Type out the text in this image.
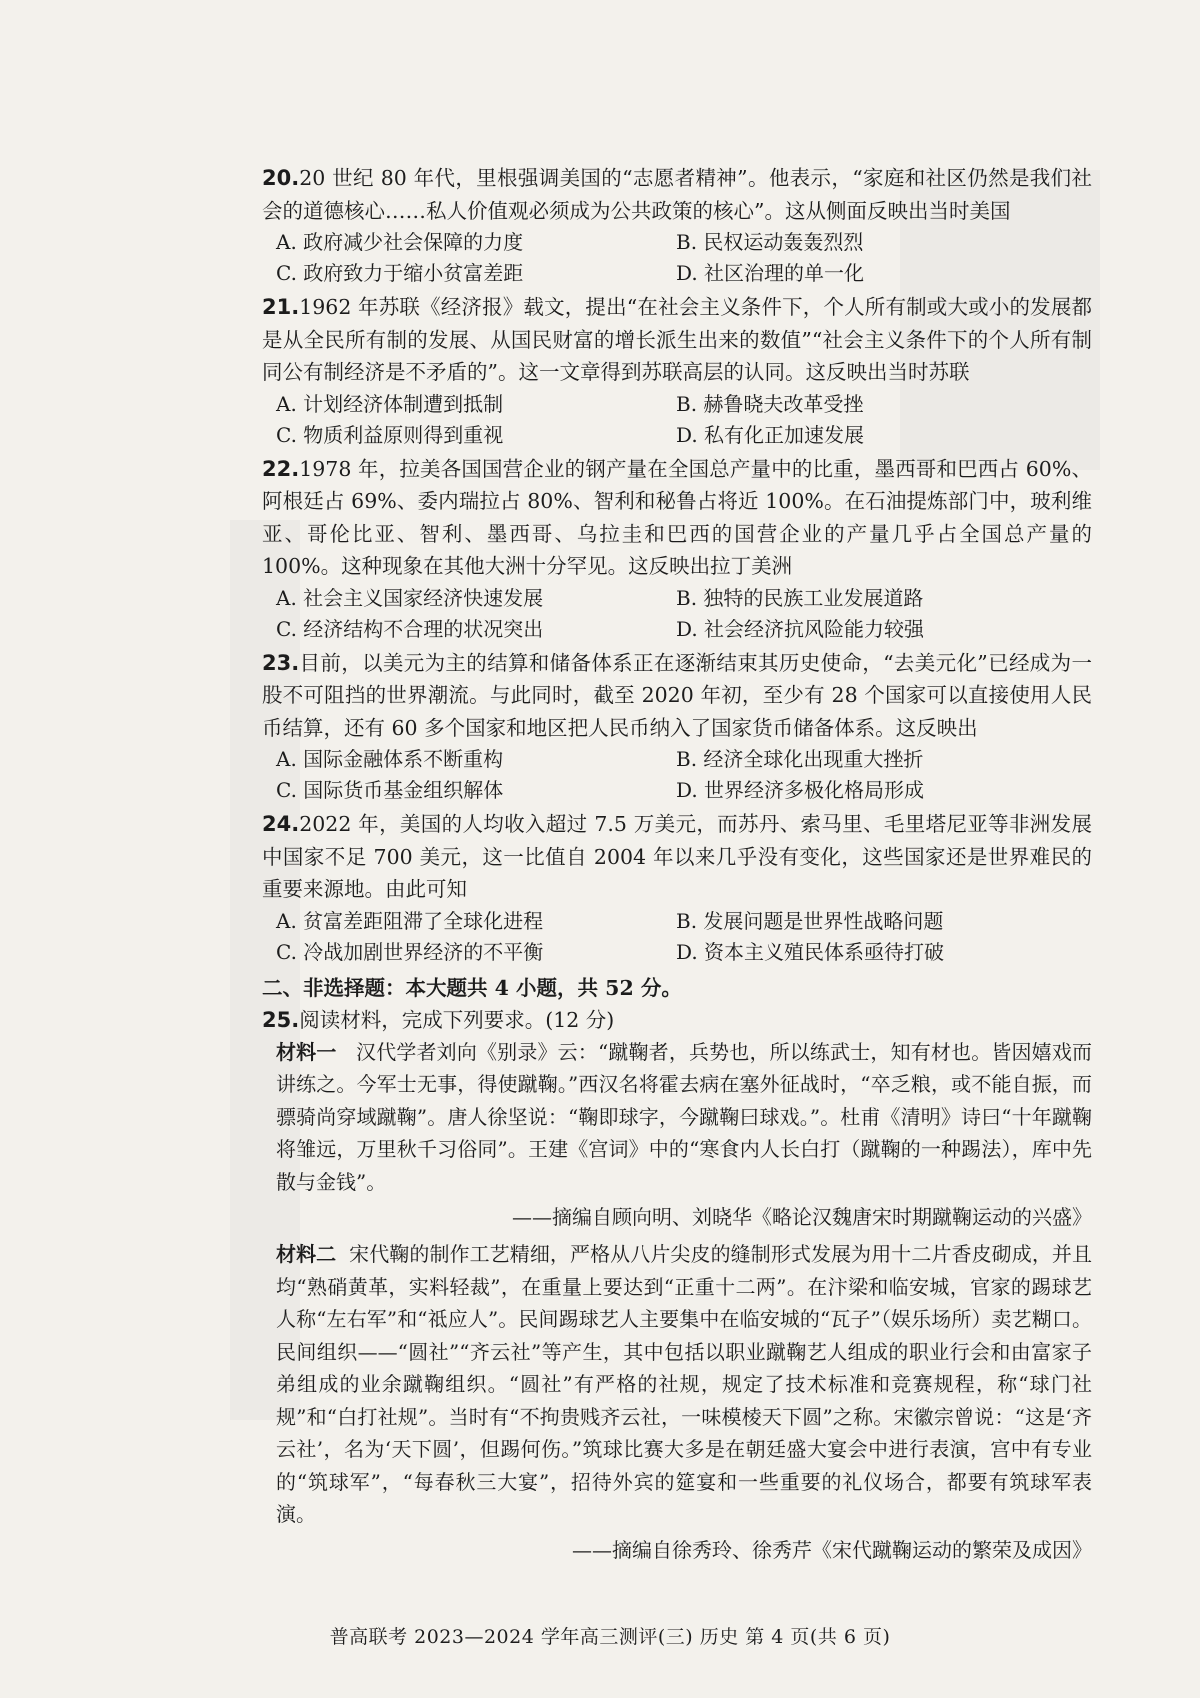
20.20 世纪 80 年代，里根强调美国的“志愿者精神”。他表示，“家庭和社区仍然是我们社会的道德核心……私人价值观必须成为公共政策的核心”。这从侧面反映出当时美国
A. 政府减少社会保障的力度	B. 民权运动轰轰烈烈
C. 政府致力于缩小贫富差距	D. 社区治理的单一化
21.1962 年苏联《经济报》载文，提出“在社会主义条件下，个人所有制或大或小的发展都是从全民所有制的发展、从国民财富的增长派生出来的数值”“社会主义条件下的个人所有制同公有制经济是不矛盾的”。这一文章得到苏联高层的认同。这反映出当时苏联
A. 计划经济体制遭到抵制	B. 赫鲁晓夫改革受挫
C. 物质利益原则得到重视	D. 私有化正加速发展
22.1978 年，拉美各国国营企业的钢产量在全国总产量中的比重，墨西哥和巴西占 60%、阿根廷占 69%、委内瑞拉占 80%、智利和秘鲁占将近 100%。在石油提炼部门中，玻利维亚、哥伦比亚、智利、墨西哥、乌拉圭和巴西的国营企业的产量几乎占全国总产量的 100%。这种现象在其他大洲十分罕见。这反映出拉丁美洲
A. 社会主义国家经济快速发展	B. 独特的民族工业发展道路
C. 经济结构不合理的状况突出	D. 社会经济抗风险能力较强
23.目前，以美元为主的结算和储备体系正在逐渐结束其历史使命，“去美元化”已经成为一股不可阻挡的世界潮流。与此同时，截至 2020 年初，至少有 28 个国家可以直接使用人民币结算，还有 60 多个国家和地区把人民币纳入了国家货币储备体系。这反映出
A. 国际金融体系不断重构	B. 经济全球化出现重大挫折
C. 国际货币基金组织解体	D. 世界经济多极化格局形成
24.2022 年，美国的人均收入超过 7.5 万美元，而苏丹、索马里、毛里塔尼亚等非洲发展中国家不足 700 美元，这一比值自 2004 年以来几乎没有变化，这些国家还是世界难民的重要来源地。由此可知
A. 贫富差距阻滞了全球化进程	B. 发展问题是世界性战略问题
C. 冷战加剧世界经济的不平衡	D. 资本主义殖民体系亟待打破
二、非选择题：本大题共 4 小题，共 52 分。
25.阅读材料，完成下列要求。(12 分)
材料一 汉代学者刘向《别录》云：“蹴鞠者，兵势也，所以练武士，知有材也。皆因嬉戏而讲练之。今军士无事，得使蹴鞠。”西汉名将霍去病在塞外征战时，“卒乏粮，或不能自振，而骠骑尚穿域蹴鞠”。唐人徐坚说：“鞠即球字，今蹴鞠曰球戏。”。杜甫《清明》诗曰“十年蹴鞠将雏远，万里秋千习俗同”。王建《宫词》中的“寒食内人长白打（蹴鞠的一种踢法），库中先散与金钱”。
——摘编自顾向明、刘晓华《略论汉魏唐宋时期蹴鞠运动的兴盛》
材料二 宋代鞠的制作工艺精细，严格从八片尖皮的缝制形式发展为用十二片香皮砌成，并且均“熟硝黄革，实料轻裁”，在重量上要达到“正重十二两”。在汴梁和临安城，官家的踢球艺人称“左右军”和“祗应人”。民间踢球艺人主要集中在临安城的“瓦子”（娱乐场所）卖艺糊口。民间组织——“圆社”“齐云社”等产生，其中包括以职业蹴鞠艺人组成的职业行会和由富家子弟组成的业余蹴鞠组织。“圆社”有严格的社规，规定了技术标准和竞赛规程，称“球门社规”和“白打社规”。当时有“不拘贵贱齐云社，一味模棱天下圆”之称。宋徽宗曾说：“这是‘齐云社’，名为‘天下圆’，但踢何伤。”筑球比赛大多是在朝廷盛大宴会中进行表演，宫中有专业的“筑球军”，“每春秋三大宴”，招待外宾的筵宴和一些重要的礼仪场合，都要有筑球军表演。
——摘编自徐秀玲、徐秀芹《宋代蹴鞠运动的繁荣及成因》
普高联考 2023—2024 学年高三测评(三) 历史 第 4 页(共 6 页)
